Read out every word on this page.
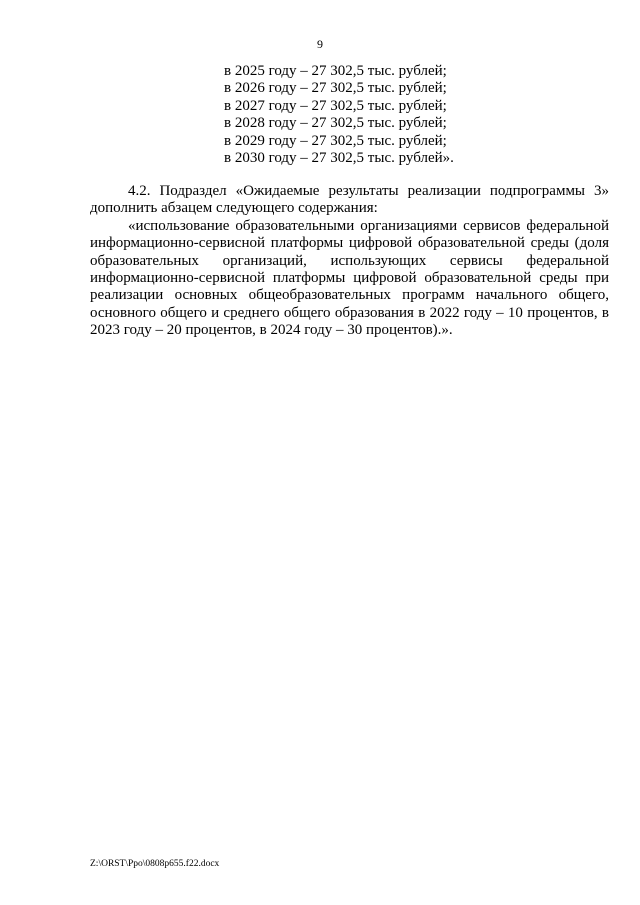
9
в 2025 году – 27 302,5 тыс. рублей;
в 2026 году – 27 302,5 тыс. рублей;
в 2027 году – 27 302,5 тыс. рублей;
в 2028 году – 27 302,5 тыс. рублей;
в 2029 году – 27 302,5 тыс. рублей;
в 2030 году – 27 302,5 тыс. рублей».

4.2. Подраздел «Ожидаемые результаты реализации подпрограммы 3» дополнить абзацем следующего содержания:

«использование образовательными организациями сервисов федеральной информационно-сервисной платформы цифровой образовательной среды (доля образовательных организаций, использующих сервисы федеральной информационно-сервисной платформы цифровой образовательной среды при реализации основных общеобразовательных программ начального общего, основного общего и среднего общего образования в 2022 году – 10 процентов, в 2023 году – 20 процентов, в 2024 году – 30 процентов).».

Z:\ORST\Ppo\0808p655.f22.docx
